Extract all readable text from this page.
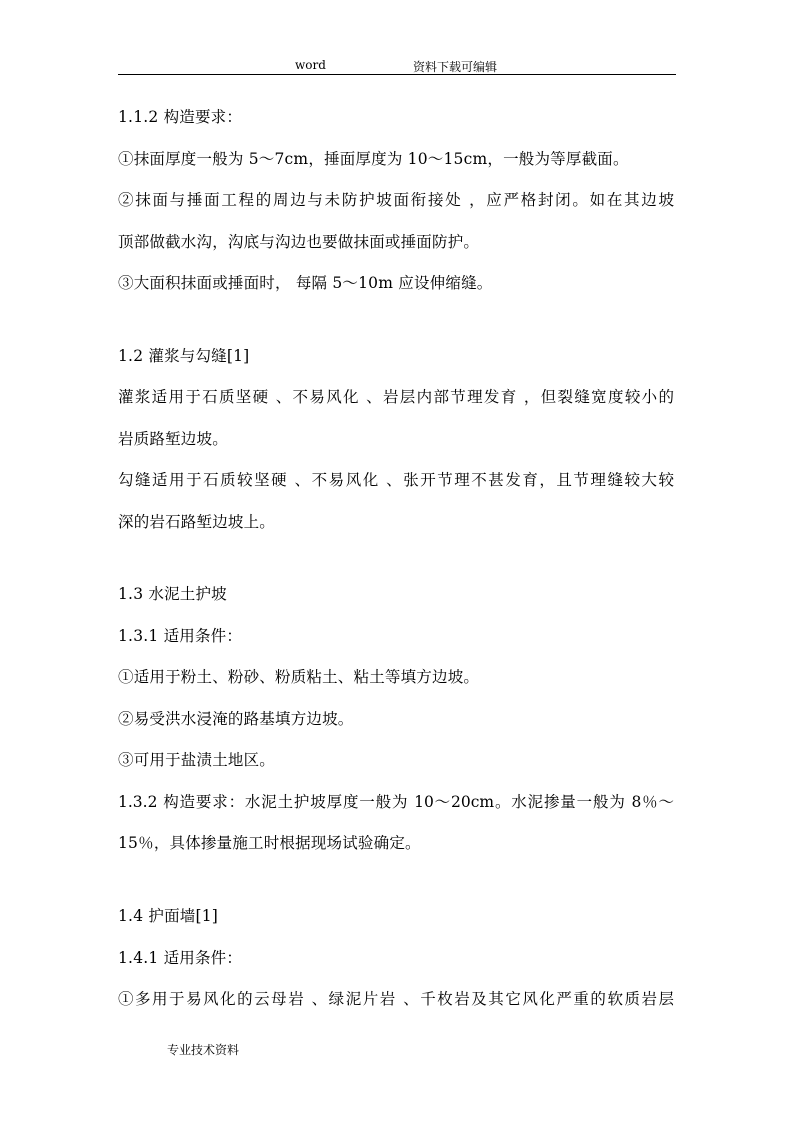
word	资料下载可编辑
1.1.2 构造要求：
①抹面厚度一般为 5～7cm，捶面厚度为 10～15cm，一般为等厚截面。
②抹面与捶面工程的周边与未防护坡面衔接处 ，应严格封闭。如在其边坡
顶部做截水沟，沟底与沟边也要做抹面或捶面防护。
③大面积抹面或捶面时， 每隔 5～10m 应设伸缩缝。
1.2 灌浆与勾缝[1]
灌浆适用于石质坚硬 、不易风化 、岩层内部节理发育 ，但裂缝宽度较小的
岩质路堑边坡。
勾缝适用于石质较坚硬 、不易风化 、张开节理不甚发育，且节理缝较大较
深的岩石路堑边坡上。
1.3 水泥土护坡
1.3.1 适用条件：
①适用于粉土、粉砂、粉质粘土、粘土等填方边坡。
②易受洪水浸淹的路基填方边坡。
③可用于盐渍土地区。
1.3.2 构造要求：水泥土护坡厚度一般为 10～20cm。水泥掺量一般为 8％～
15％，具体掺量施工时根据现场试验确定。
1.4 护面墙[1]
1.4.1 适用条件：
①多用于易风化的云母岩 、绿泥片岩 、千枚岩及其它风化严重的软质岩层
专业技术资料
